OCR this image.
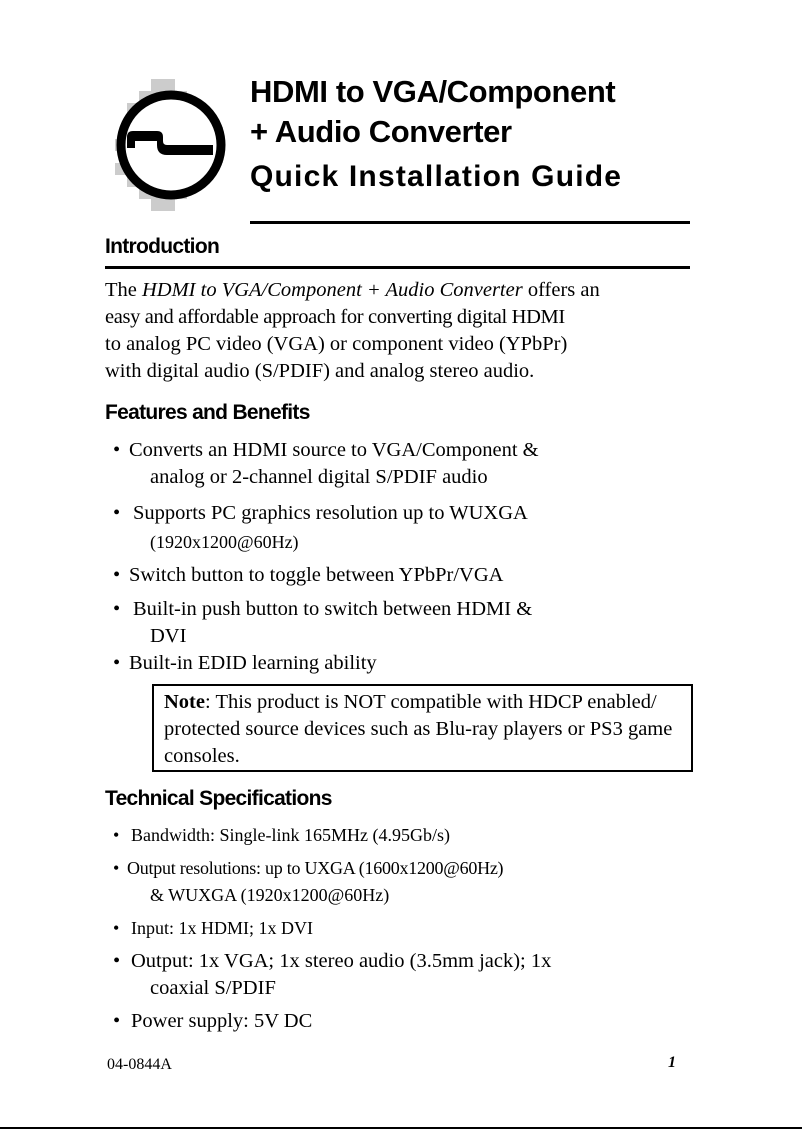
HDMI to VGA/Component
+ Audio Converter
Quick Installation Guide
Introduction
The HDMI to VGA/Component + Audio Converter offers an
easy and affordable approach for converting digital HDMI
to analog PC video (VGA) or component video (YPbPr)
with digital audio (S/PDIF) and analog stereo audio.
Features and Benefits
• Converts an HDMI source to VGA/Component &
analog or 2-channel digital S/PDIF audio
• Supports PC graphics resolution up to WUXGA
(1920x1200@60Hz)
• Switch button to toggle between YPbPr/VGA
• Built-in push button to switch between HDMI &
DVI
• Built-in EDID learning ability
Note: This product is NOT compatible with HDCP enabled/ protected source devices such as Blu-ray players or PS3 game consoles.
Technical Specifications
• Bandwidth: Single-link 165MHz (4.95Gb/s)
• Output resolutions: up to UXGA (1600x1200@60Hz)
& WUXGA (1920x1200@60Hz)
• Input: 1x HDMI; 1x DVI
• Output: 1x VGA; 1x stereo audio (3.5mm jack); 1x
coaxial S/PDIF
• Power supply: 5V DC
04-0844A	1
